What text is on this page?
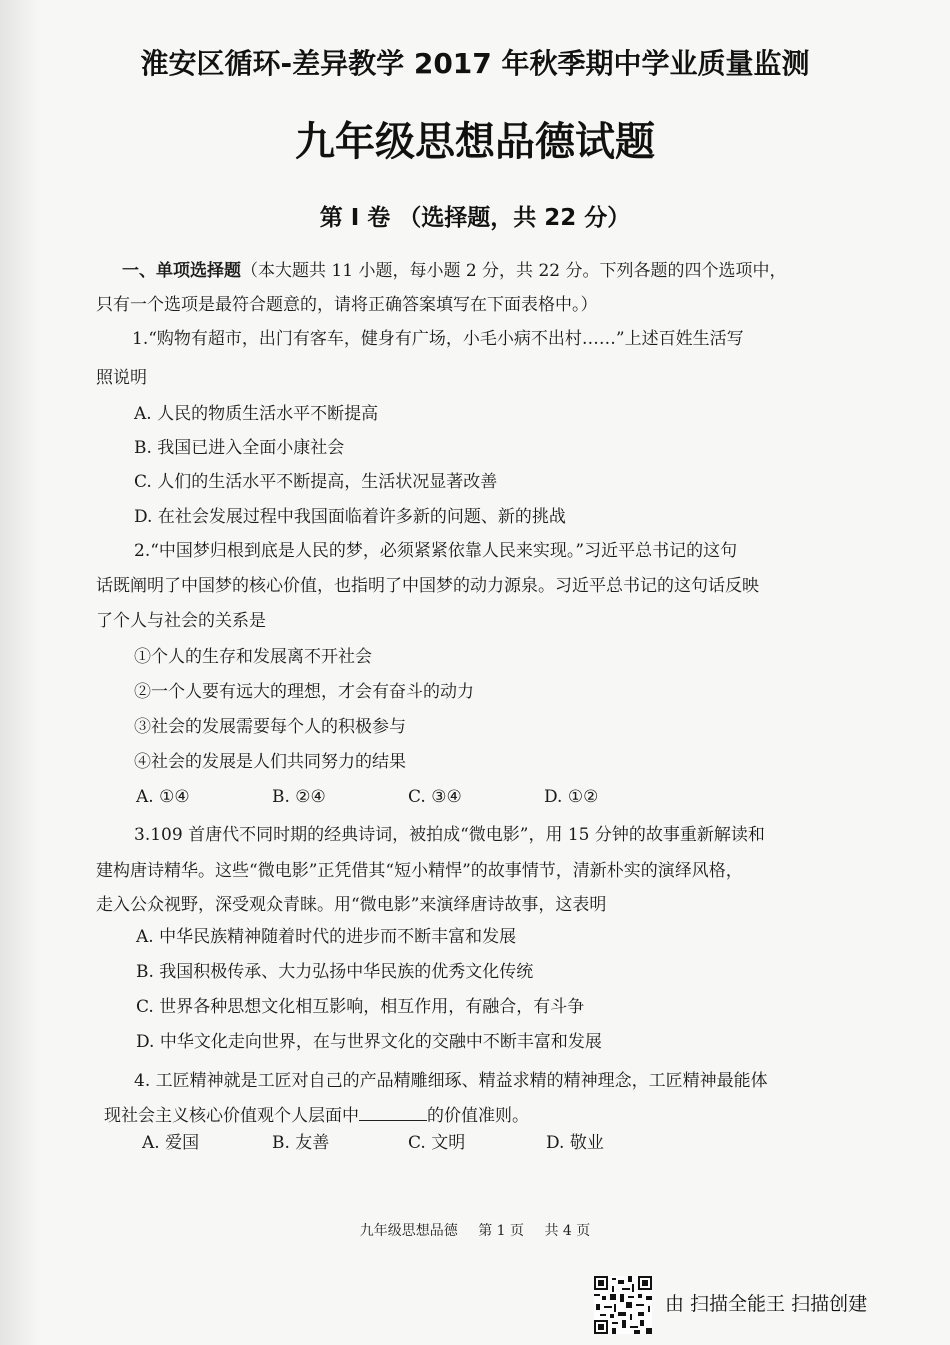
淮安区循环-差异教学 2017 年秋季期中学业质量监测
九年级思想品德试题
第 I 卷 （选择题，共 22 分）
一、单项选择题（本大题共 11 小题，每小题 2 分，共 22 分。下列各题的四个选项中，
只有一个选项是最符合题意的，请将正确答案填写在下面表格中。）
1.“购物有超市，出门有客车，健身有广场，小毛小病不出村……”上述百姓生活写
照说明
A. 人民的物质生活水平不断提高
B. 我国已进入全面小康社会
C. 人们的生活水平不断提高，生活状况显著改善
D. 在社会发展过程中我国面临着许多新的问题、新的挑战
2.“中国梦归根到底是人民的梦，必须紧紧依靠人民来实现。”习近平总书记的这句
话既阐明了中国梦的核心价值，也指明了中国梦的动力源泉。习近平总书记的这句话反映
了个人与社会的关系是
①个人的生存和发展离不开社会
②一个人要有远大的理想，才会有奋斗的动力
③社会的发展需要每个人的积极参与
④社会的发展是人们共同努力的结果
A. ①④	B. ②④	C. ③④	D. ①②
3.109 首唐代不同时期的经典诗词，被拍成“微电影”，用 15 分钟的故事重新解读和
建构唐诗精华。这些“微电影”正凭借其“短小精悍”的故事情节，清新朴实的演绎风格，
走入公众视野，深受观众青睐。用“微电影”来演绎唐诗故事，这表明
A. 中华民族精神随着时代的进步而不断丰富和发展
B. 我国积极传承、大力弘扬中华民族的优秀文化传统
C. 世界各种思想文化相互影响，相互作用，有融合，有斗争
D. 中华文化走向世界，在与世界文化的交融中不断丰富和发展
4. 工匠精神就是工匠对自己的产品精雕细琢、精益求精的精神理念，工匠精神最能体
现社会主义核心价值观个人层面中	的价值准则。
A. 爱国	B. 友善	C. 文明	D. 敬业
九年级思想品德 第 1 页 共 4 页
由 扫描全能王 扫描创建
